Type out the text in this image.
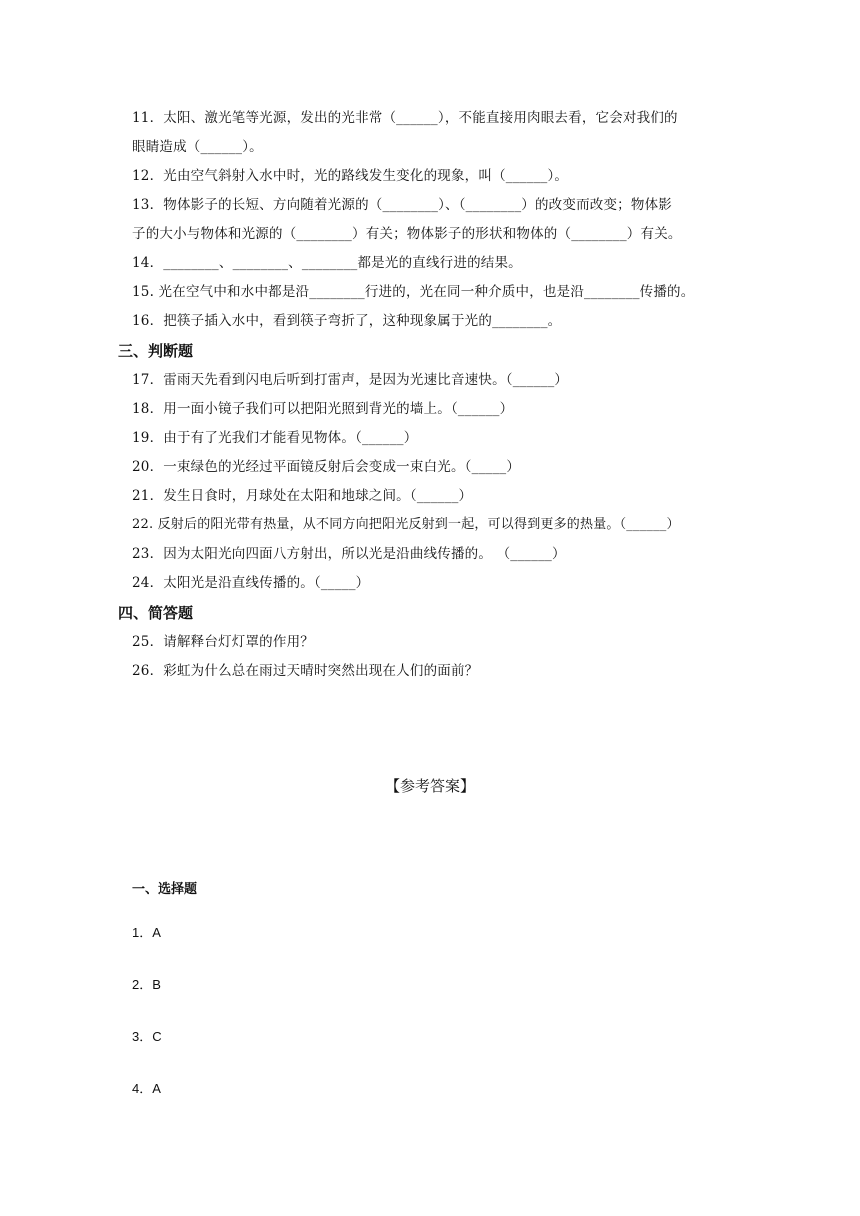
11．太阳、激光笔等光源，发出的光非常（______），不能直接用肉眼去看，它会对我们的
眼睛造成（______）。
12．光由空气斜射入水中时，光的路线发生变化的现象，叫（______）。
13．物体影子的长短、方向随着光源的（________）、（________）的改变而改变；物体影
子的大小与物体和光源的（________）有关；物体影子的形状和物体的（________）有关。
14．________、________、________都是光的直线行进的结果。
15. 光在空气中和水中都是沿________行进的，光在同一种介质中，也是沿________传播的。
16．把筷子插入水中，看到筷子弯折了，这种现象属于光的________。
三、判断题
17．雷雨天先看到闪电后听到打雷声，是因为光速比音速快。（______）
18．用一面小镜子我们可以把阳光照到背光的墙上。（______）
19．由于有了光我们才能看见物体。（______）
20．一束绿色的光经过平面镜反射后会变成一束白光。（_____）
21．发生日食时，月球处在太阳和地球之间。（______）
22. 反射后的阳光带有热量，从不同方向把阳光反射到一起，可以得到更多的热量。（______）
23．因为太阳光向四面八方射出，所以光是沿曲线传播的。 （______）
24．太阳光是沿直线传播的。（_____）
四、简答题
25．请解释台灯灯罩的作用？
26．彩虹为什么总在雨过天晴时突然出现在人们的面前？
【参考答案】
一、选择题
1．A
2．B
3．C
4．A
